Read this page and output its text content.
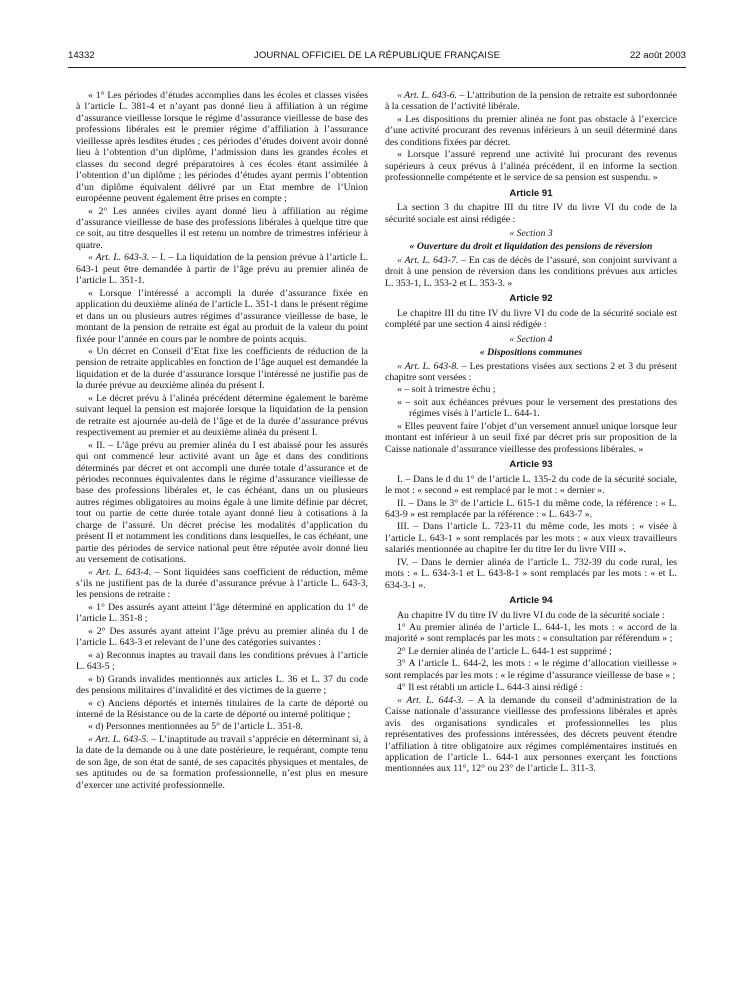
14332	JOURNAL OFFICIEL DE LA RÉPUBLIQUE FRANÇAISE	22 août 2003

« 1° Les périodes d’études accomplies dans les écoles et classes visées à l’article L. 381-4 et n’ayant pas donné lieu à affiliation à un régime d’assurance vieillesse lorsque le régime d’assurance vieillesse de base des professions libérales est le premier régime d’affiliation à l’assurance vieillesse après lesdites études ; ces périodes d’études doivent avoir donné lieu à l’obtention d’un diplôme, l’admission dans les grandes écoles et classes du second degré préparatoires à ces écoles étant assimilée à l’obtention d’un diplôme ; les périodes d’études ayant permis l’obtention d’un diplôme équivalent délivré par un Etat membre de l’Union européenne peuvent également être prises en compte ;

« 2° Les années civiles ayant donné lieu à affiliation au régime d’assurance vieillesse de base des professions libérales à quelque titre que ce soit, au titre desquelles il est retenu un nombre de trimestres inférieur à quatre.

« Art. L. 643-3. – I. – La liquidation de la pension prévue à l’article L. 643-1 peut être demandée à partir de l’âge prévu au premier alinéa de l’article L. 351-1.

« Lorsque l’intéressé a accompli la durée d’assurance fixée en application du deuxième alinéa de l’article L. 351-1 dans le présent régime et dans un ou plusieurs autres régimes d’assurance vieillesse de base, le montant de la pension de retraite est égal au produit de la valeur du point fixée pour l’année en cours par le nombre de points acquis.

« Un décret en Conseil d’Etat fixe les coefficients de réduction de la pension de retraite applicables en fonction de l’âge auquel est demandée la liquidation et de la durée d’assurance lorsque l’intéressé ne justifie pas de la durée prévue au deuxième alinéa du présent I.

« Le décret prévu à l’alinéa précédent détermine également le barème suivant lequel la pension est majorée lorsque la liquidation de la pension de retraite est ajournée au-delà de l’âge et de la durée d’assurance prévus respectivement au premier et au deuxième alinéa du présent I.

« II. – L’âge prévu au premier alinéa du I est abaissé pour les assurés qui ont commencé leur activité avant un âge et dans des conditions déterminés par décret et ont accompli une durée totale d’assurance et de périodes reconnues équivalentes dans le régime d’assurance vieillesse de base des professions libérales et, le cas échéant, dans un ou plusieurs autres régimes obligatoires au moins égale à une limite définie par décret, tout ou partie de cette durée totale ayant donné lieu à cotisations à la charge de l’assuré. Un décret précise les modalités d’application du présent II et notamment les conditions dans lesquelles, le cas échéant, une partie des périodes de service national peut être réputée avoir donné lieu au versement de cotisations.

« Art. L. 643-4. – Sont liquidées sans coefficient de réduction, même s’ils ne justifient pas de la durée d’assurance prévue à l’article L. 643-3, les pensions de retraite :

« 1° Des assurés ayant atteint l’âge déterminé en application du 1° de l’article L. 351-8 ;

« 2° Des assurés ayant atteint l’âge prévu au premier alinéa du I de l’article L. 643-3 et relevant de l’une des catégories suivantes :

« a) Reconnus inaptes au travail dans les conditions prévues à l’article L. 643-5 ;

« b) Grands invalides mentionnés aux articles L. 36 et L. 37 du code des pensions militaires d’invalidité et des victimes de la guerre ;

« c) Anciens déportés et internés titulaires de la carte de déporté ou interné de la Résistance ou de la carte de déporté ou interné politique ;

« d) Personnes mentionnées au 5° de l’article L. 351-8.

« Art. L. 643-5. – L’inaptitude au travail s’apprécie en déterminant si, à la date de la demande ou à une date postérieure, le requérant, compte tenu de son âge, de son état de santé, de ses capacités physiques et mentales, de ses aptitudes ou de sa formation professionnelle, n’est plus en mesure d’exercer une activité professionnelle.

« Art. L. 643-6. – L’attribution de la pension de retraite est subordonnée à la cessation de l’activité libérale.

« Les dispositions du premier alinéa ne font pas obstacle à l’exercice d’une activité procurant des revenus inférieurs à un seuil déterminé dans des conditions fixées par décret.

« Lorsque l’assuré reprend une activité lui procurant des revenus supérieurs à ceux prévus à l’alinéa précédent, il en informe la section professionnelle compétente et le service de sa pension est suspendu. »

Article 91

La section 3 du chapitre III du titre IV du livre VI du code de la sécurité sociale est ainsi rédigée :

« Section 3

« Ouverture du droit et liquidation des pensions de réversion

« Art. L. 643-7. – En cas de décès de l’assuré, son conjoint survivant a droit à une pension de réversion dans les conditions prévues aux articles L. 353-1, L. 353-2 et L. 353-3. »

Article 92

Le chapitre III du titre IV du livre VI du code de la sécurité sociale est complété par une section 4 ainsi rédigée :

« Section 4

« Dispositions communes

« Art. L. 643-8. – Les prestations visées aux sections 2 et 3 du présent chapitre sont versées :

« – soit à trimestre échu ;

« – soit aux échéances prévues pour le versement des prestations des régimes visés à l’article L. 644-1.

« Elles peuvent faire l’objet d’un versement annuel unique lorsque leur montant est inférieur à un seuil fixé par décret pris sur proposition de la Caisse nationale d’assurance vieillesse des professions libérales. »

Article 93

I. – Dans le d du 1° de l’article L. 135-2 du code de la sécurité sociale, le mot : « second » est remplacé par le mot : « dernier ».

II. – Dans le 3° de l’article L. 615-1 du même code, la référence : « L. 643-9 » est remplacée par la référence : « L. 643-7 ».

III. – Dans l’article L. 723-11 du même code, les mots : « visée à l’article L. 643-1 » sont remplacés par les mots : « aux vieux travailleurs salariés mentionnée au chapitre Ier du titre Ier du livre VIII ».

IV. – Dans le dernier alinéa de l’article L. 732-39 du code rural, les mots : « L. 634-3-1 et L. 643-8-1 » sont remplacés par les mots : « et L. 634-3-1 ».

Article 94

Au chapitre IV du titre IV du livre VI du code de la sécurité sociale :

1° Au premier alinéa de l’article L. 644-1, les mots : « accord de la majorité » sont remplacés par les mots : « consultation par référendum » ;

2° Le dernier alinéa de l’article L. 644-1 est supprimé ;

3° A l’article L. 644-2, les mots : « le régime d’allocation vieillesse » sont remplacés par les mots : « le régime d’assurance vieillesse de base » ;

4° Il est rétabli un article L. 644-3 ainsi rédigé :

« Art. L. 644-3. – A la demande du conseil d’administration de la Caisse nationale d’assurance vieillesse des professions libérales et après avis des organisations syndicales et professionnelles les plus représentatives des professions intéressées, des décrets peuvent étendre l’affiliation à titre obligatoire aux régimes complémentaires institués en application de l’article L. 644-1 aux personnes exerçant les fonctions mentionnées aux 11°, 12° ou 23° de l’article L. 311-3.
